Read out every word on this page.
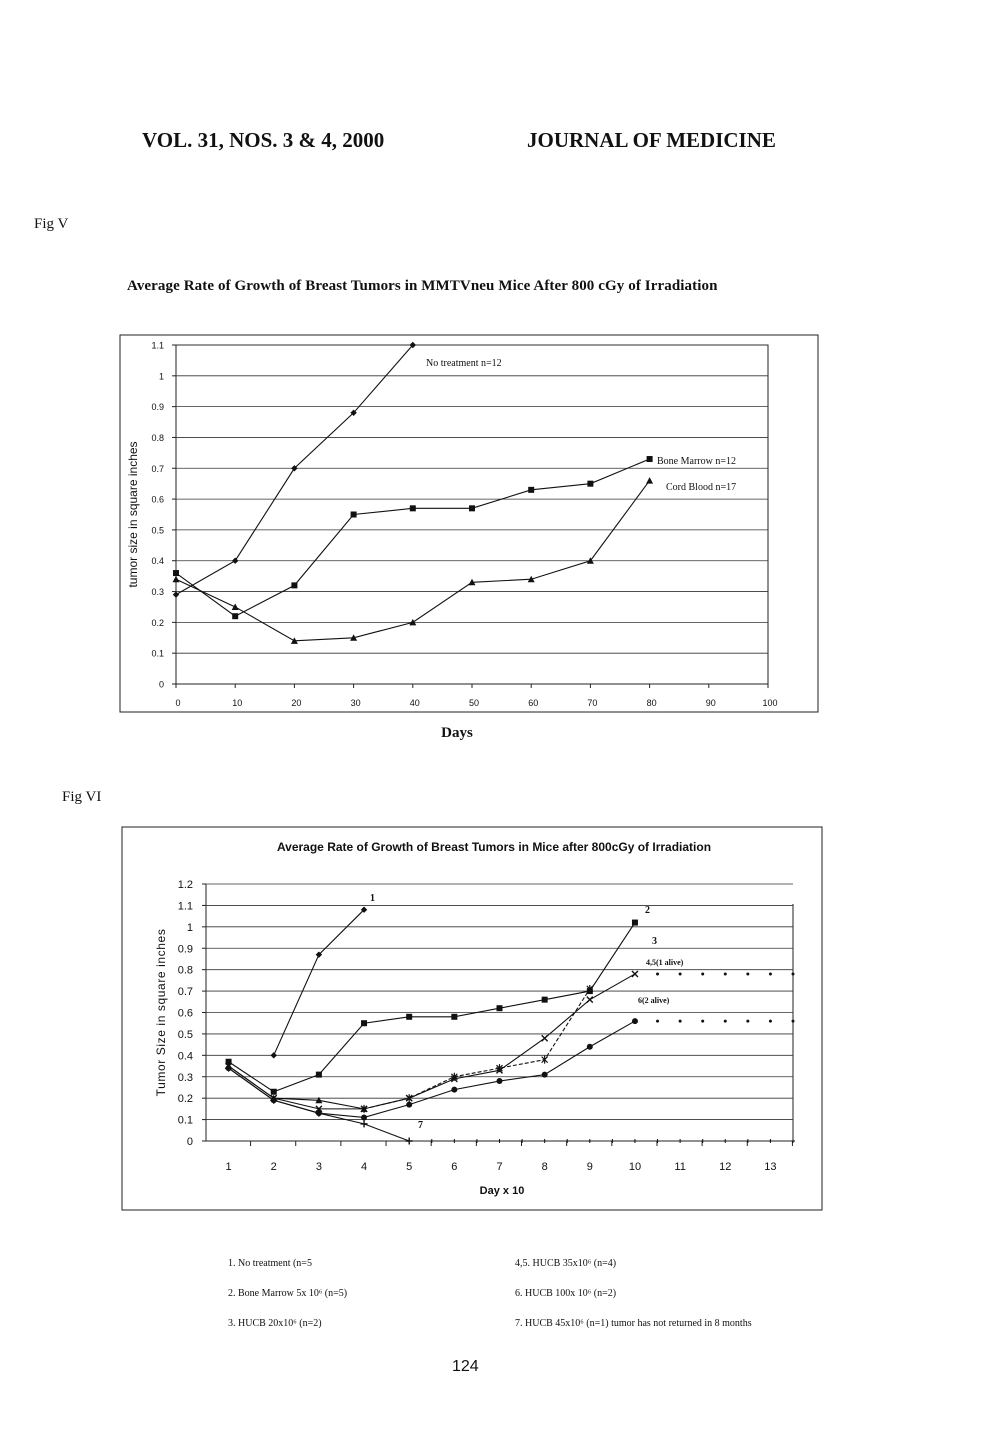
VOL. 31, NOS. 3 & 4, 2000	JOURNAL OF MEDICINE
Fig V
Average Rate of Growth of Breast Tumors in MMTVneu Mice After 800 cGy of Irradiation
Fig VI
0
0.1
0.2
0.3
0.4
0.5
0.6
0.7
0.8
0.9
1
1.1
0	10	20	30	40	50	60	70	80	90	100
Days
tumor size in square inches
No treatment n=12
Bone Marrow n=12
Cord Blood n=17
Average Rate of Growth of Breast Tumors in Mice after 800cGy of Irradiation
0
0.1
0.2
0.3
0.4
0.5
0.6
0.7
0.8
0.9
1
1.1
1.2
1	2	3	4	5	6	7	8	9	10	11	12	13
Day x 10
Tumor Size in square inches
1
2
3
4,5(1 alive)
6(2 alive)
7
1. No treatment (n=5
2. Bone Marrow 5x 10⁶ (n=5)
3. HUCB 20x10⁶ (n=2)
4,5. HUCB 35x10⁶ (n=4)
6. HUCB 100x 10⁶ (n=2)
7. HUCB 45x10⁶ (n=1) tumor has not returned in 8 months
124
